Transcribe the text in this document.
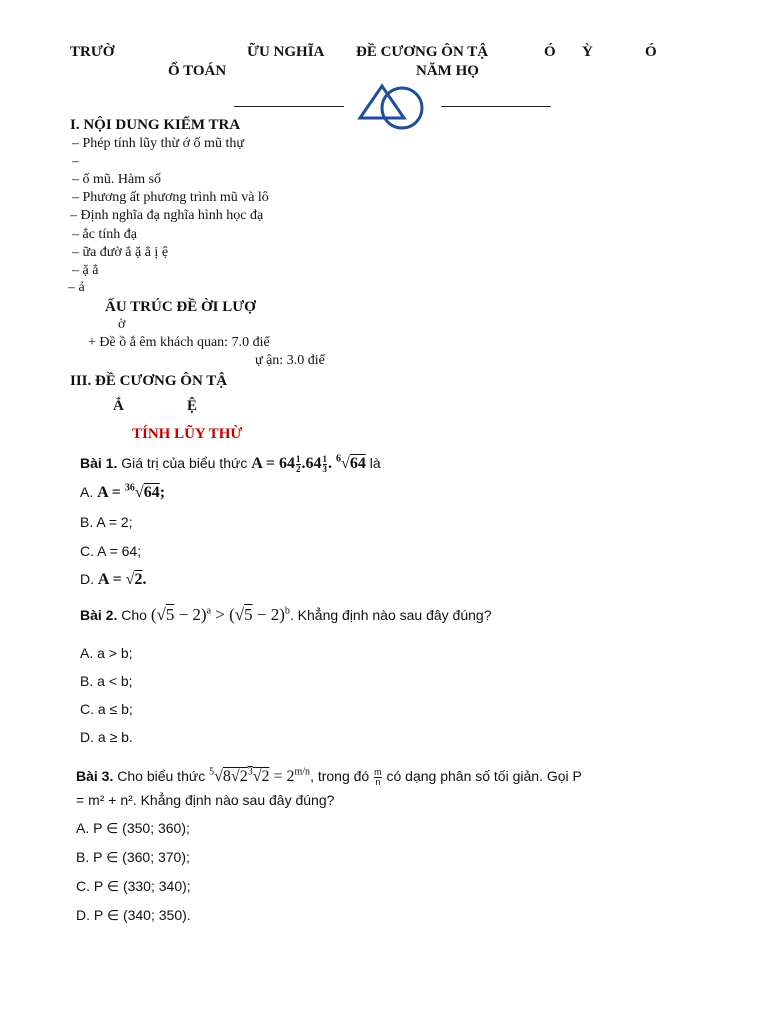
TRƯỜ	ỮU NGHĨA ĐỀ CƯƠNG ÔN TẬ	Ó Ỳ	Ó
Ổ TOÁN	NĂM HỌ
I. NỘI DUNG KIỂM TRA
– Phép tính lũy thừ ớ ố mũ thự
–
– ố mũ. Hàm số
– Phương ất phương trình mũ và lô
– Định nghĩa đạ nghĩa hình học đạ
– ắc tính đạ
– ữa đườ ẳ ặ ẳ ị ệ
– ặ ẳ
– ả
ẤU TRÚC ĐỀ ỜI LƯỢ
ờ
+ Đề ồ ắ êm khách quan: 7.0 điể
ự ận: 3.0 điể
III. ĐỀ CƯƠNG ÔN TẬ
Ắ	Ệ
TÍNH LŨY THỪ
Bài 1. Giá trị của biểu thức $A = 64 \frac{1}{2} .64 \frac{1}{3}$ . $^6$√64 là
A. A = $^{36}$√64;
B. A = 2;
C. A = 64;
D. A = √2.
Bài 2. Cho $(√5 - 2)^a > (√5 - 2)^b$. Khẳng định nào sau đây đúng?
A. a > b;
B. a < b;
C. a ≤ b;
D. a ≥ b.
Bài 3. Cho biểu thức $^5√8√2^3√2 = 2^{m/n}$, trong đó $\frac{m}{n}$ có dạng phân số tối giản. Gọi P
= m² + n². Khẳng định nào sau đây đúng?
A. P ∈ (350; 360);
B. P ∈ (360; 370);
C. P ∈ (330; 340);
D. P ∈ (340; 350).
